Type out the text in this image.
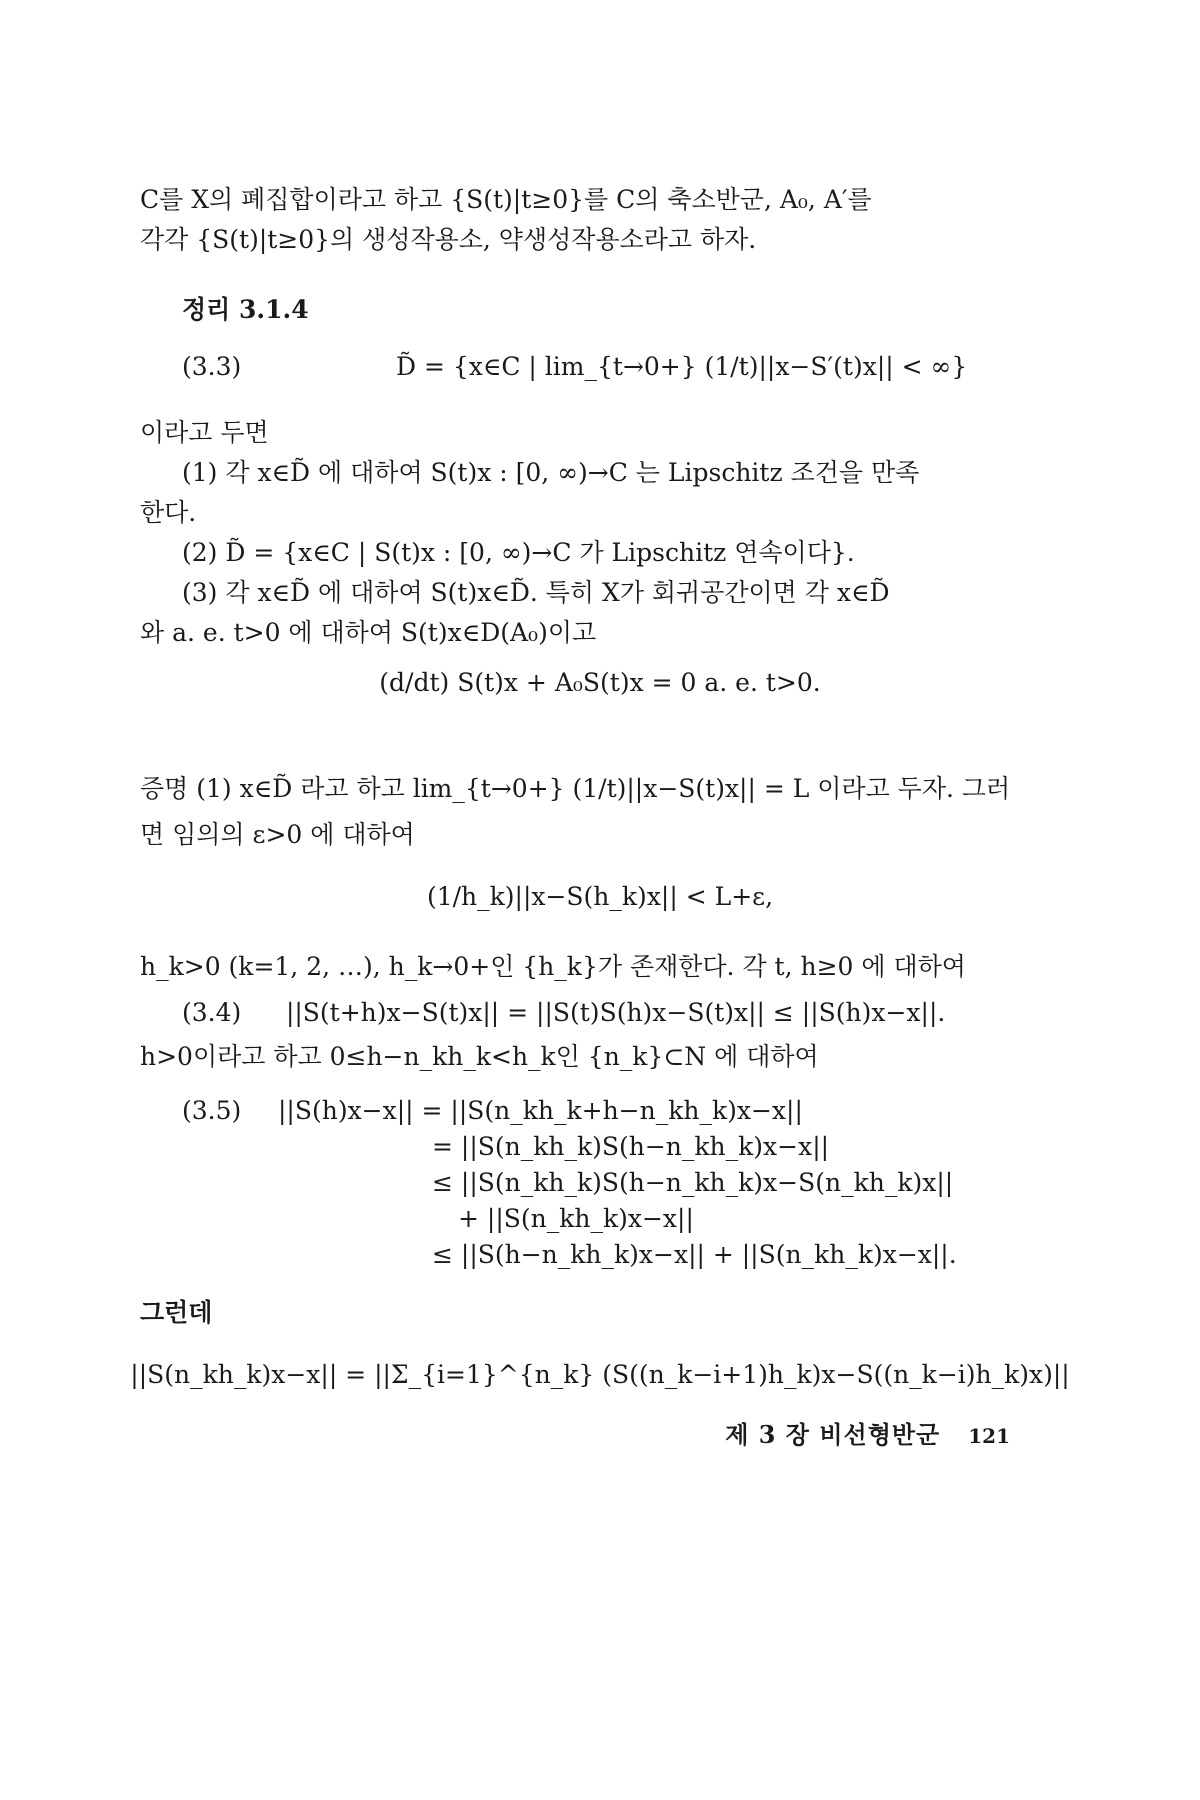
C를 X의 폐집합이라고 하고 {S(t)|t≥0}를 C의 축소반군, A₀, A′를
각각 {S(t)|t≥0}의 생성작용소, 약생성작용소라고 하자.
정리 3.1.4
(3.3)	D̃ = {x∈C | lim_{t→0+} (1/t)||x−S′(t)x|| < ∞}
이라고 두면
(1) 각 x∈D̃ 에 대하여 S(t)x : [0, ∞)→C 는 Lipschitz 조건을 만족
한다.
(2) D̃ = {x∈C | S(t)x : [0, ∞)→C 가 Lipschitz 연속이다}.
(3) 각 x∈D̃ 에 대하여 S(t)x∈D̃. 특히 X가 회귀공간이면 각 x∈D̃
와 a. e. t>0 에 대하여 S(t)x∈D(A₀)이고
(d/dt) S(t)x + A₀S(t)x = 0 a. e. t>0.
증명 (1) x∈D̃ 라고 하고 lim_{t→0+} (1/t)||x−S(t)x|| = L 이라고 두자. 그러
면 임의의 ε>0 에 대하여
(1/h_k)||x−S(h_k)x|| < L+ε,
h_k>0 (k=1, 2, …), h_k→0+인 {h_k}가 존재한다. 각 t, h≥0 에 대하여
(3.4) ||S(t+h)x−S(t)x|| = ||S(t)S(h)x−S(t)x|| ≤ ||S(h)x−x||.
h>0이라고 하고 0≤h−n_kh_k<h_k인 {n_k}⊂N 에 대하여
(3.5)	||S(h)x−x|| = ||S(n_kh_k+h−n_kh_k)x−x||
= ||S(n_kh_k)S(h−n_kh_k)x−x||
≤ ||S(n_kh_k)S(h−n_kh_k)x−S(n_kh_k)x||
+ ||S(n_kh_k)x−x||
≤ ||S(h−n_kh_k)x−x|| + ||S(n_kh_k)x−x||.
그런데
||S(n_kh_k)x−x|| = ||Σ_{i=1}^{n_k} (S((n_k−i+1)h_k)x−S((n_k−i)h_k)x)||
제 3 장 비선형반군 121
